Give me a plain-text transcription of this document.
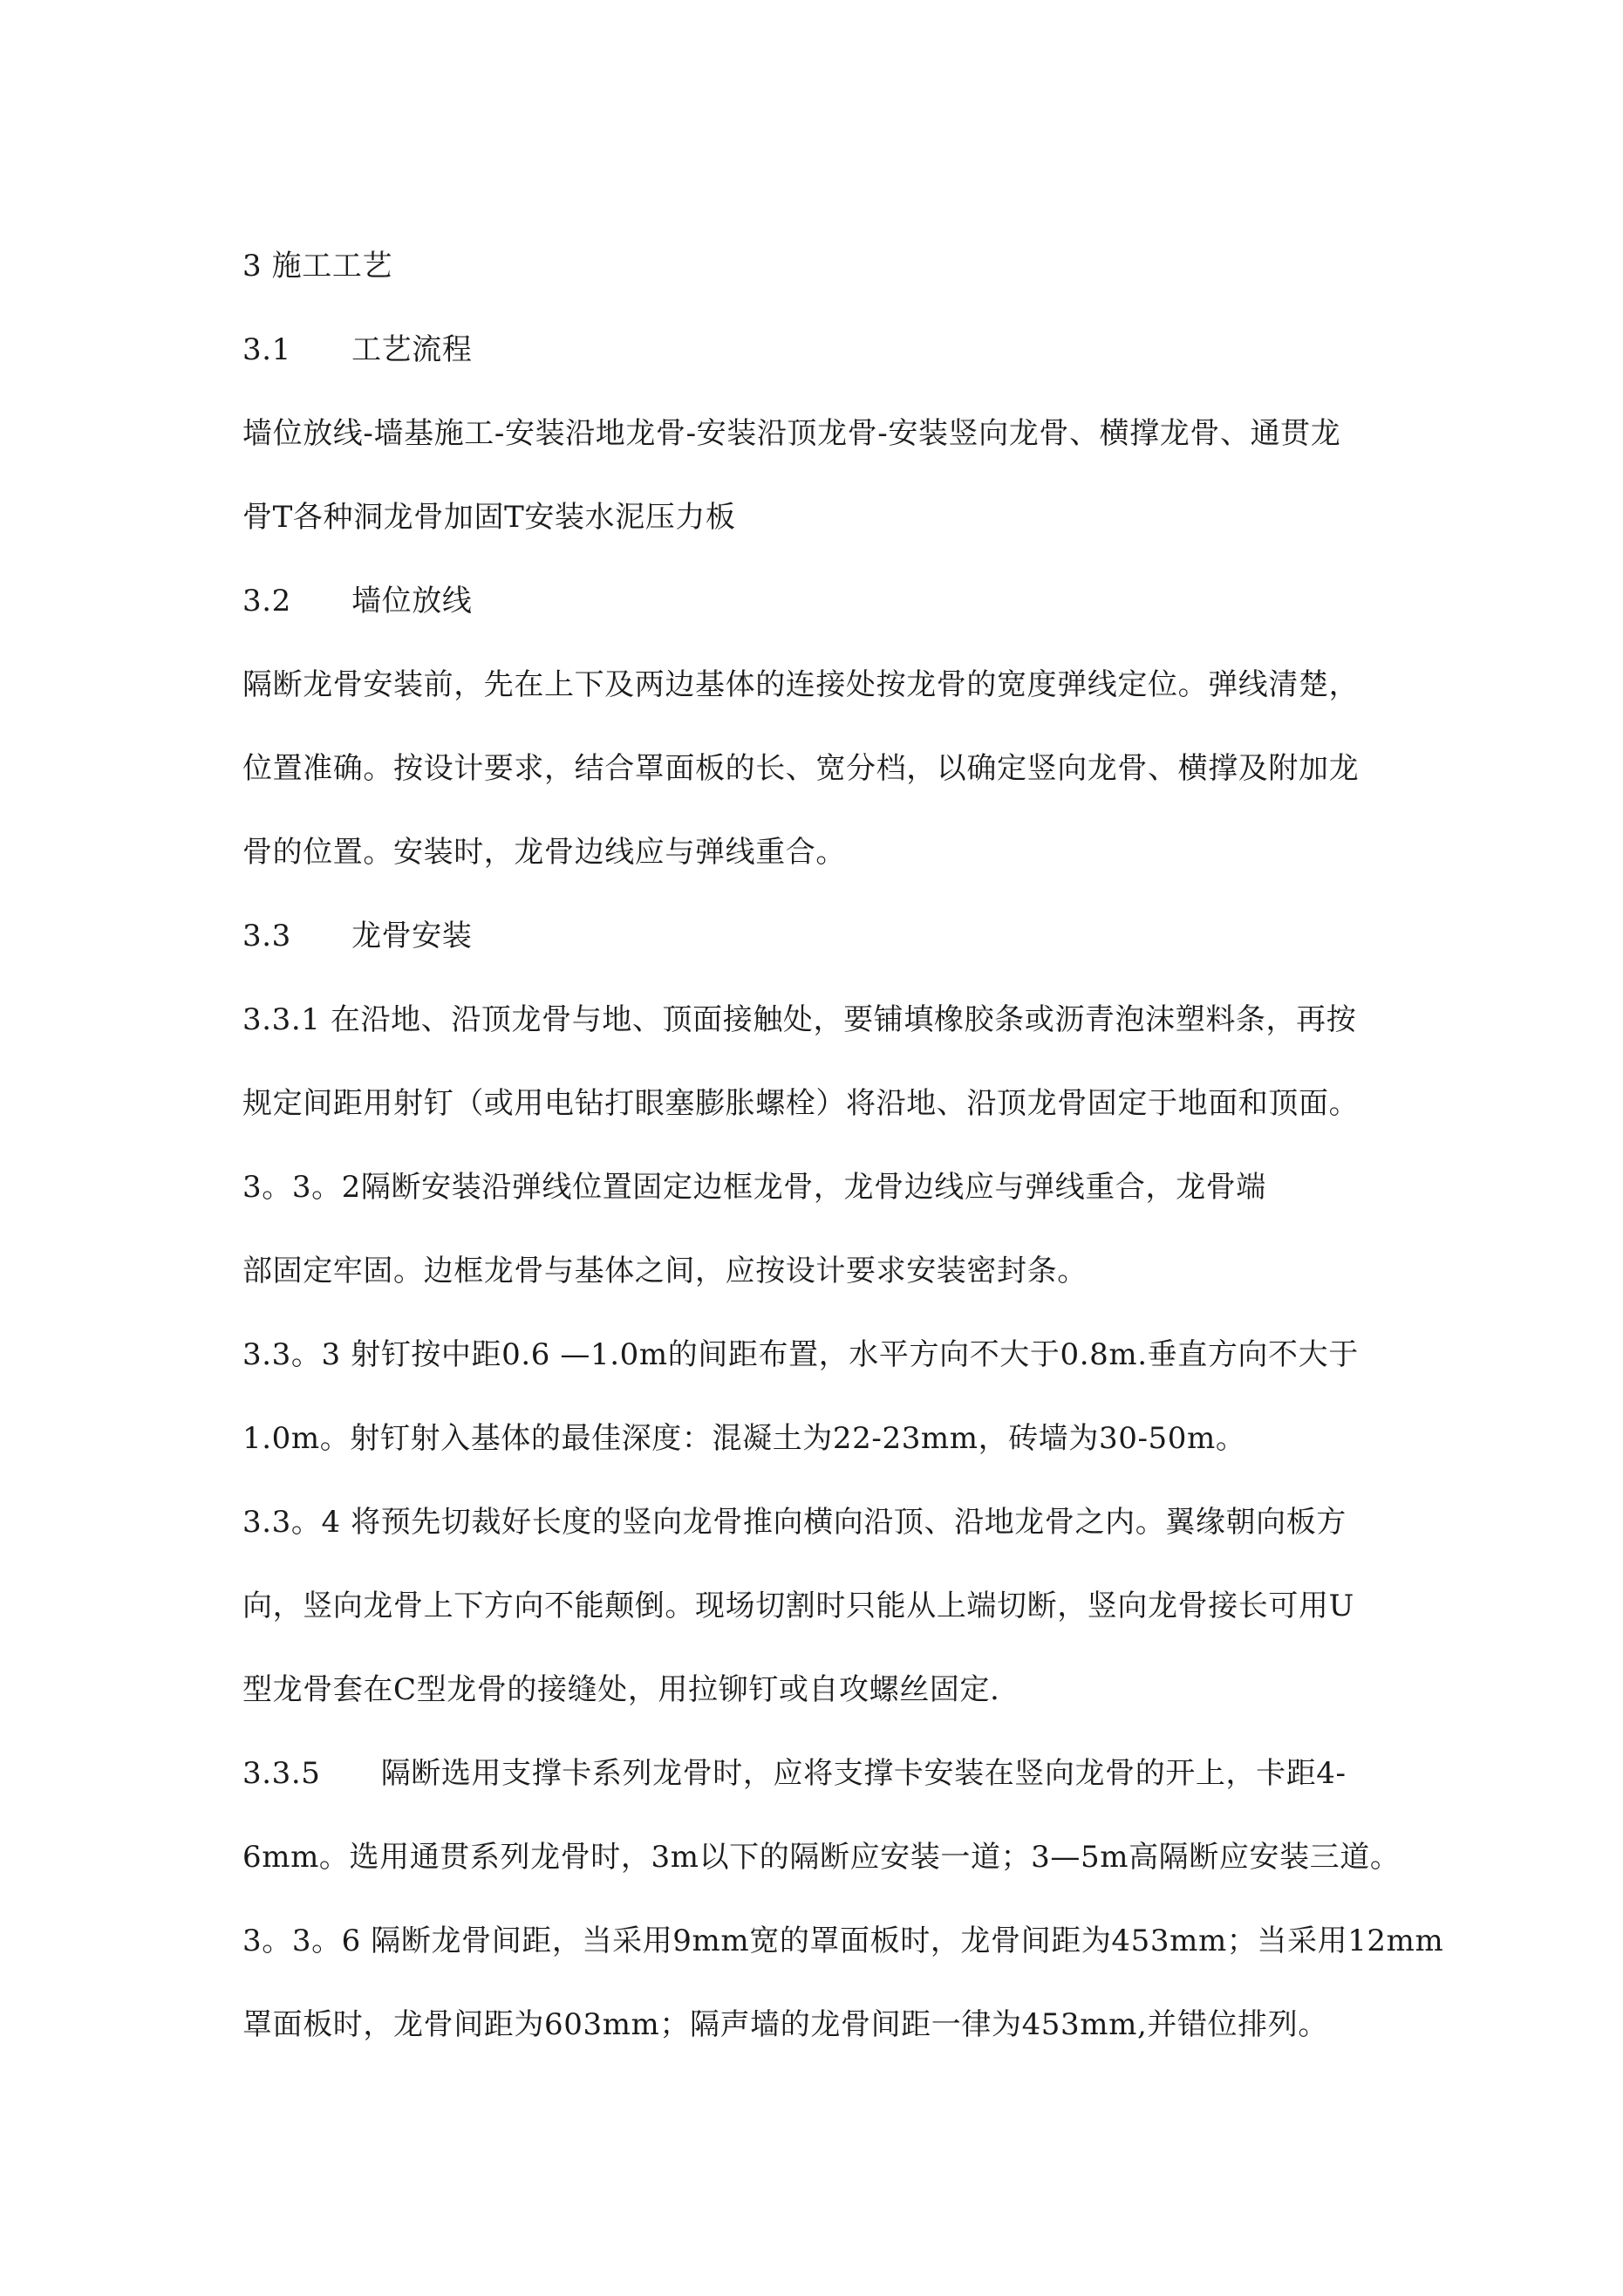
3 施工工艺
3.1　　工艺流程
墙位放线-墙基施工-安装沿地龙骨-安装沿顶龙骨-安装竖向龙骨、横撑龙骨、通贯龙
骨T各种洞龙骨加固T安装水泥压力板
3.2　　墙位放线
隔断龙骨安装前，先在上下及两边基体的连接处按龙骨的宽度弹线定位。弹线清楚，
位置准确。按设计要求，结合罩面板的长、宽分档，以确定竖向龙骨、横撑及附加龙
骨的位置。安装时，龙骨边线应与弹线重合。
3.3　　龙骨安装
3.3.1 在沿地、沿顶龙骨与地、顶面接触处，要铺填橡胶条或沥青泡沫塑料条，再按
规定间距用射钉（或用电钻打眼塞膨胀螺栓）将沿地、沿顶龙骨固定于地面和顶面。
3。3。2隔断安装沿弹线位置固定边框龙骨，龙骨边线应与弹线重合，龙骨端
部固定牢固。边框龙骨与基体之间，应按设计要求安装密封条。
3.3。3 射钉按中距0.6 —1.0m的间距布置，水平方向不大于0.8m.垂直方向不大于
1.0m。射钉射入基体的最佳深度：混凝土为22-23mm，砖墙为30-50m。
3.3。4 将预先切裁好长度的竖向龙骨推向横向沿顶、沿地龙骨之内。翼缘朝向板方
向，竖向龙骨上下方向不能颠倒。现场切割时只能从上端切断，竖向龙骨接长可用U
型龙骨套在C型龙骨的接缝处，用拉铆钉或自攻螺丝固定.
3.3.5　　隔断选用支撑卡系列龙骨时，应将支撑卡安装在竖向龙骨的开上，卡距4-
6mm。选用通贯系列龙骨时，3m以下的隔断应安装一道；3—5m高隔断应安装三道。
3。3。6 隔断龙骨间距，当采用9mm宽的罩面板时，龙骨间距为453mm；当采用12mm
罩面板时，龙骨间距为603mm；隔声墙的龙骨间距一律为453mm,并错位排列。
